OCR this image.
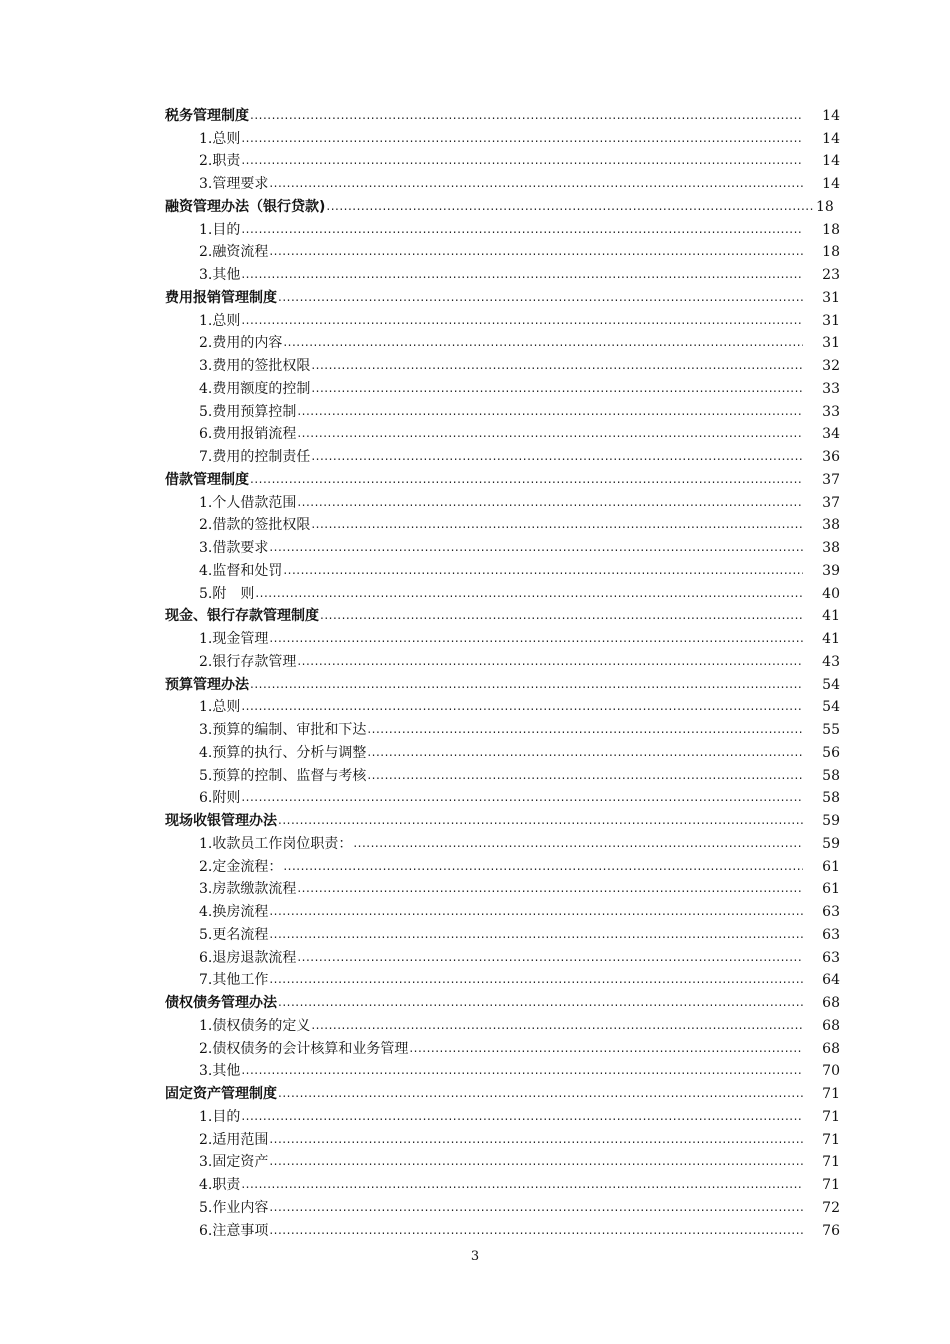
税务管理制度 .....	14
1.总则 .....	14
2.职责 .....	14
3.管理要求 .....	14
融资管理办法（银行贷款) .....	18
1.目的 .....	18
2.融资流程 .....	18
3.其他 .....	23
费用报销管理制度 .....	31
1.总则 .....	31
2.费用的内容 .....	31
3.费用的签批权限 .....	32
4.费用额度的控制 .....	33
5.费用预算控制 .....	33
6.费用报销流程 .....	34
7.费用的控制责任 .....	36
借款管理制度 .....	37
1.个人借款范围 .....	37
2.借款的签批权限 .....	38
3.借款要求 .....	38
4.监督和处罚 .....	39
5.附　则 .....	40
现金、银行存款管理制度 .....	41
1.现金管理 .....	41
2.银行存款管理 .....	43
预算管理办法 .....	54
1.总则 .....	54
3.预算的编制、审批和下达 .....	55
4.预算的执行、分析与调整 .....	56
5.预算的控制、监督与考核 .....	58
6.附则 .....	58
现场收银管理办法 .....	59
1.收款员工作岗位职责： .....	59
2.定金流程： .....	61
3.房款缴款流程 .....	61
4.换房流程 .....	63
5.更名流程 .....	63
6.退房退款流程 .....	63
7.其他工作 .....	64
债权债务管理办法 .....	68
1.债权债务的定义 .....	68
2.债权债务的会计核算和业务管理 .....	68
3.其他 .....	70
固定资产管理制度 .....	71
1.目的 .....	71
2.适用范围 .....	71
3.固定资产 .....	71
4.职责 .....	71
5.作业内容 .....	72
6.注意事项 .....	76
3
